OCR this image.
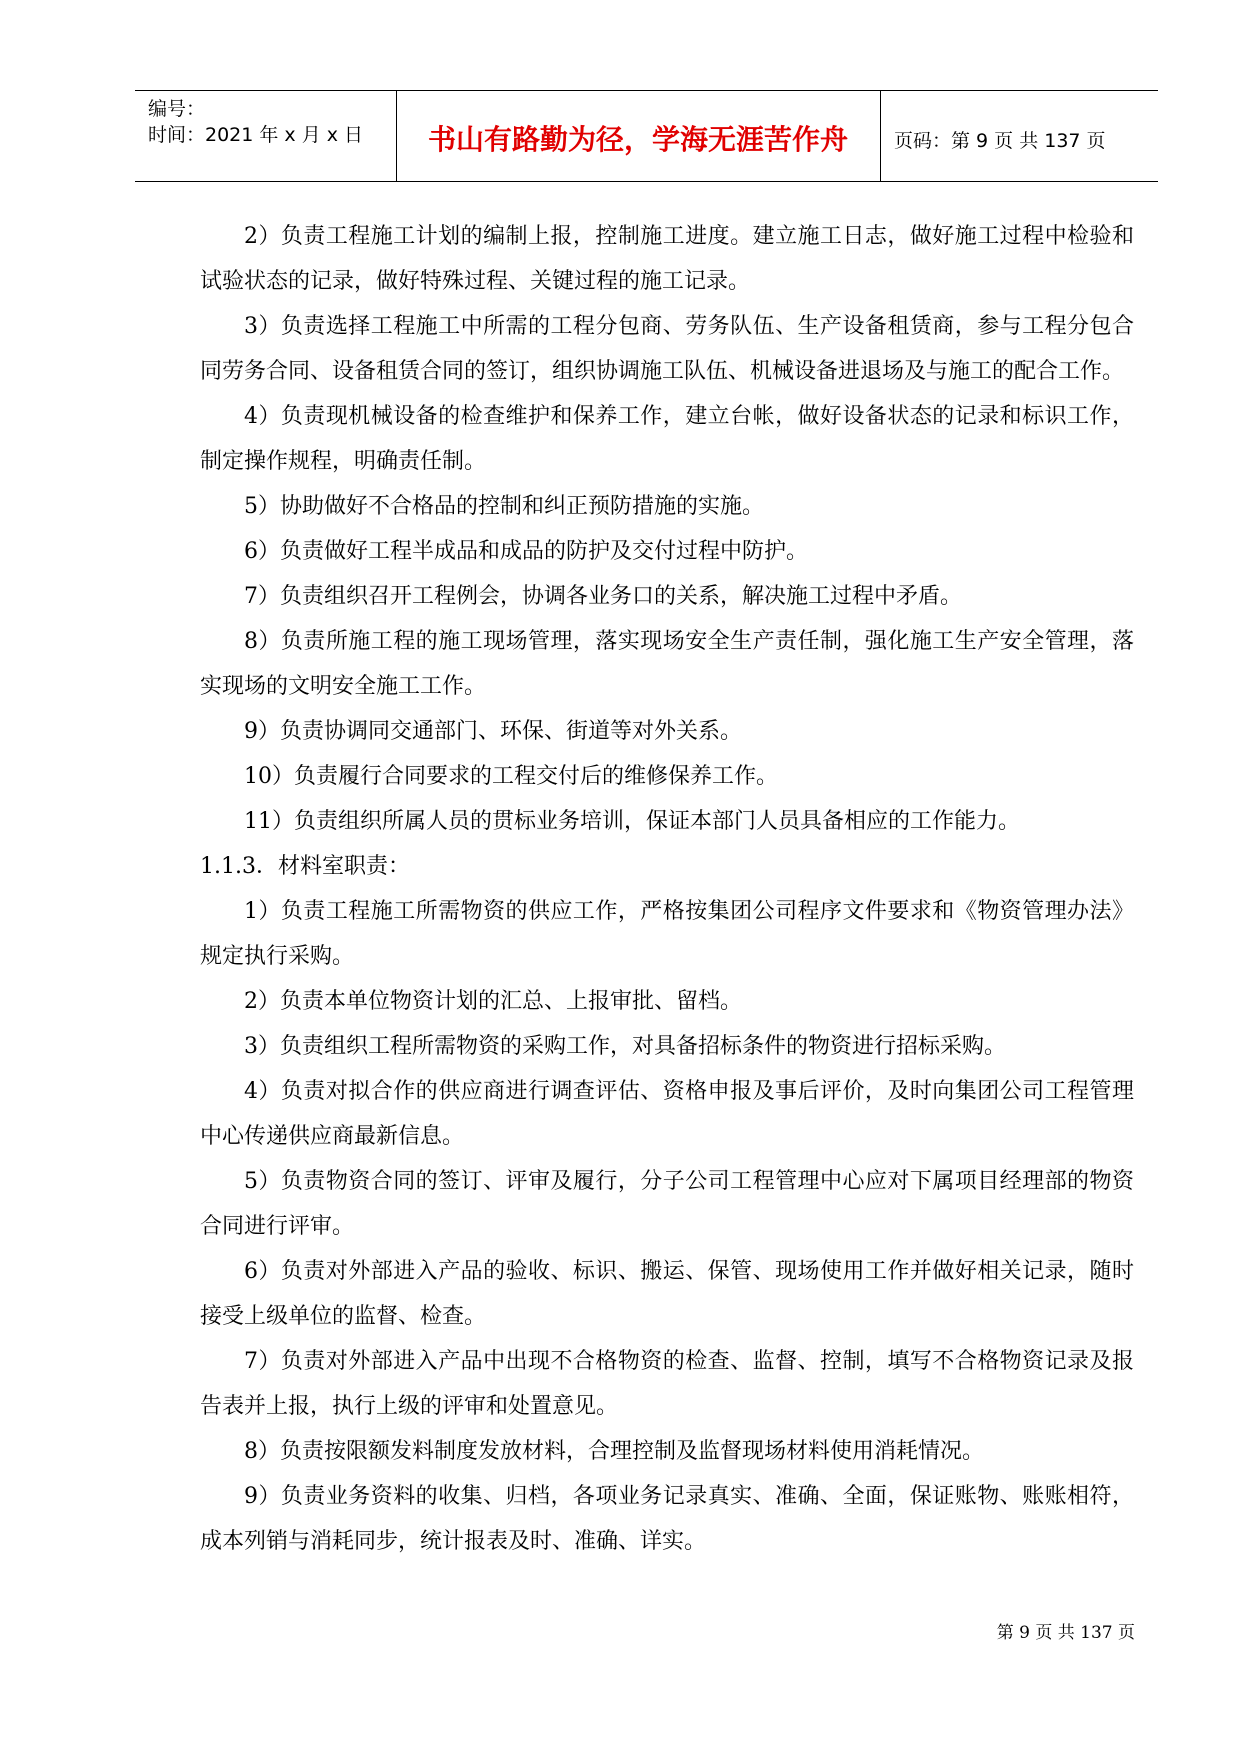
编号：
时间：2021 年 x 月 x 日	书山有路勤为径，学海无涯苦作舟	页码：第 9 页 共 137 页

2）负责工程施工计划的编制上报，控制施工进度。建立施工日志，做好施工过程中检验和试验状态的记录，做好特殊过程、关键过程的施工记录。

3）负责选择工程施工中所需的工程分包商、劳务队伍、生产设备租赁商，参与工程分包合同劳务合同、设备租赁合同的签订，组织协调施工队伍、机械设备进退场及与施工的配合工作。

4）负责现机械设备的检查维护和保养工作，建立台帐，做好设备状态的记录和标识工作，制定操作规程，明确责任制。

5）协助做好不合格品的控制和纠正预防措施的实施。

6）负责做好工程半成品和成品的防护及交付过程中防护。

7）负责组织召开工程例会，协调各业务口的关系，解决施工过程中矛盾。

8）负责所施工程的施工现场管理，落实现场安全生产责任制，强化施工生产安全管理，落实现场的文明安全施工工作。

9）负责协调同交通部门、环保、街道等对外关系。

10）负责履行合同要求的工程交付后的维修保养工作。

11）负责组织所属人员的贯标业务培训，保证本部门人员具备相应的工作能力。

1.1.3．材料室职责：

1）负责工程施工所需物资的供应工作，严格按集团公司程序文件要求和《物资管理办法》规定执行采购。

2）负责本单位物资计划的汇总、上报审批、留档。

3）负责组织工程所需物资的采购工作，对具备招标条件的物资进行招标采购。

4）负责对拟合作的供应商进行调查评估、资格申报及事后评价，及时向集团公司工程管理中心传递供应商最新信息。

5）负责物资合同的签订、评审及履行，分子公司工程管理中心应对下属项目经理部的物资合同进行评审。

6）负责对外部进入产品的验收、标识、搬运、保管、现场使用工作并做好相关记录，随时接受上级单位的监督、检查。

7）负责对外部进入产品中出现不合格物资的检查、监督、控制，填写不合格物资记录及报告表并上报，执行上级的评审和处置意见。

8）负责按限额发料制度发放材料，合理控制及监督现场材料使用消耗情况。

9）负责业务资料的收集、归档，各项业务记录真实、准确、全面，保证账物、账账相符，成本列销与消耗同步，统计报表及时、准确、详实。

第 9 页 共 137 页
